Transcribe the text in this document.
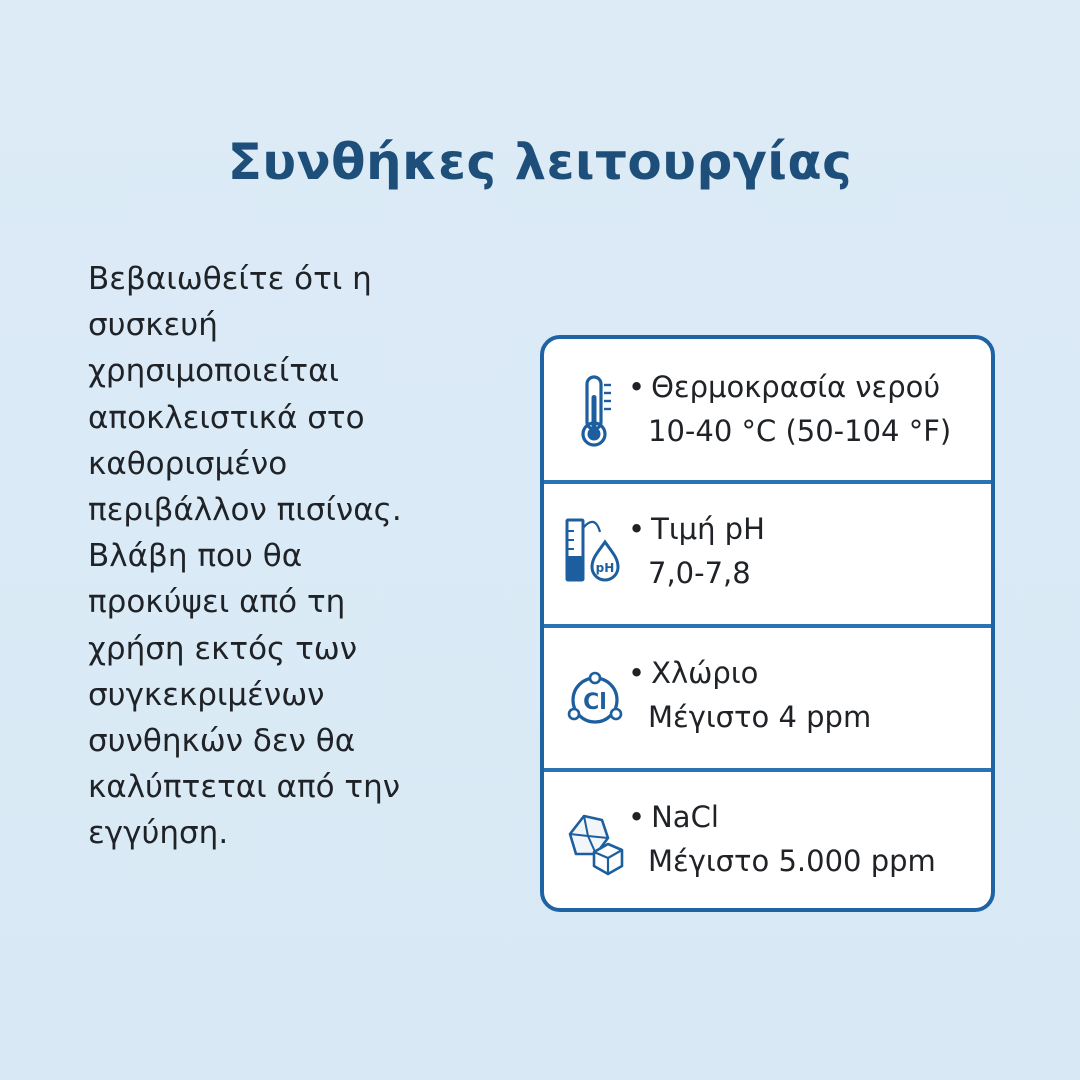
Συνθήκες λειτουργίας
Βεβαιωθείτε ότι η
συσκευή
χρησιμοποιείται
αποκλειστικά στο
καθορισμένο
περιβάλλον πισίνας.
Βλάβη που θα
προκύψει από τη
χρήση εκτός των
συγκεκριμένων
συνθηκών δεν θα
καλύπτεται από την
εγγύηση.
• Θερμοκρασία νερού
10-40 °C (50-104 °F)
pH
• Τιμή pH
7,0-7,8
Cl
• Χλώριο
Μέγιστο 4 ppm
• NaCl
Μέγιστο 5.000 ppm
